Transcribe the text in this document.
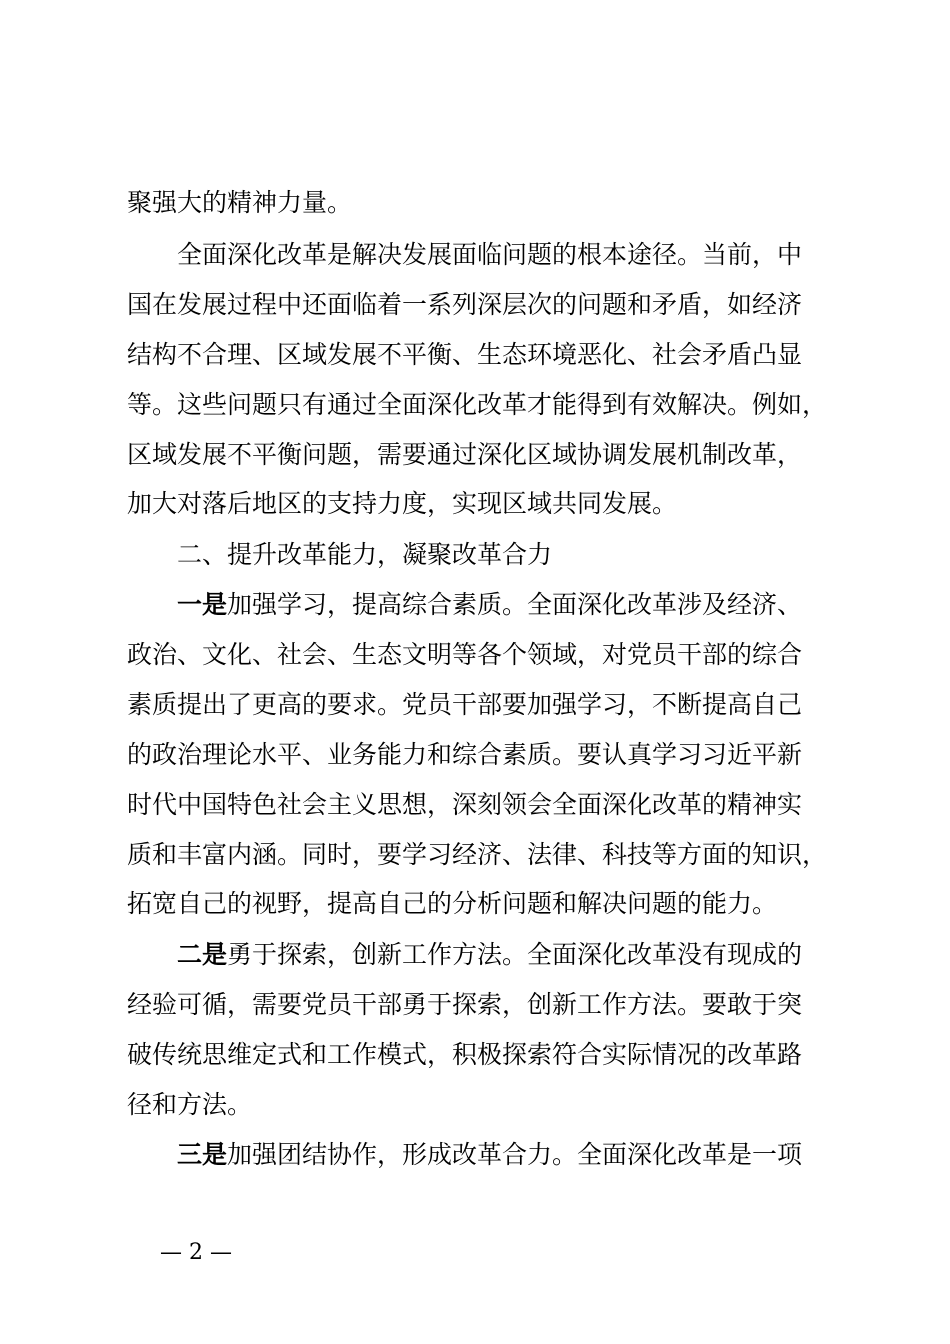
聚强大的精神力量。
全面深化改革是解决发展面临问题的根本途径。当前，中
国在发展过程中还面临着一系列深层次的问题和矛盾，如经济
结构不合理、区域发展不平衡、生态环境恶化、社会矛盾凸显
等。这些问题只有通过全面深化改革才能得到有效解决。例如，
区域发展不平衡问题，需要通过深化区域协调发展机制改革，
加大对落后地区的支持力度，实现区域共同发展。
二、提升改革能力，凝聚改革合力
一是加强学习，提高综合素质。全面深化改革涉及经济、
政治、文化、社会、生态文明等各个领域，对党员干部的综合
素质提出了更高的要求。党员干部要加强学习，不断提高自己
的政治理论水平、业务能力和综合素质。要认真学习习近平新
时代中国特色社会主义思想，深刻领会全面深化改革的精神实
质和丰富内涵。同时，要学习经济、法律、科技等方面的知识，
拓宽自己的视野，提高自己的分析问题和解决问题的能力。
二是勇于探索，创新工作方法。全面深化改革没有现成的
经验可循，需要党员干部勇于探索，创新工作方法。要敢于突
破传统思维定式和工作模式，积极探索符合实际情况的改革路
径和方法。
三是加强团结协作，形成改革合力。全面深化改革是一项
— 2 —
